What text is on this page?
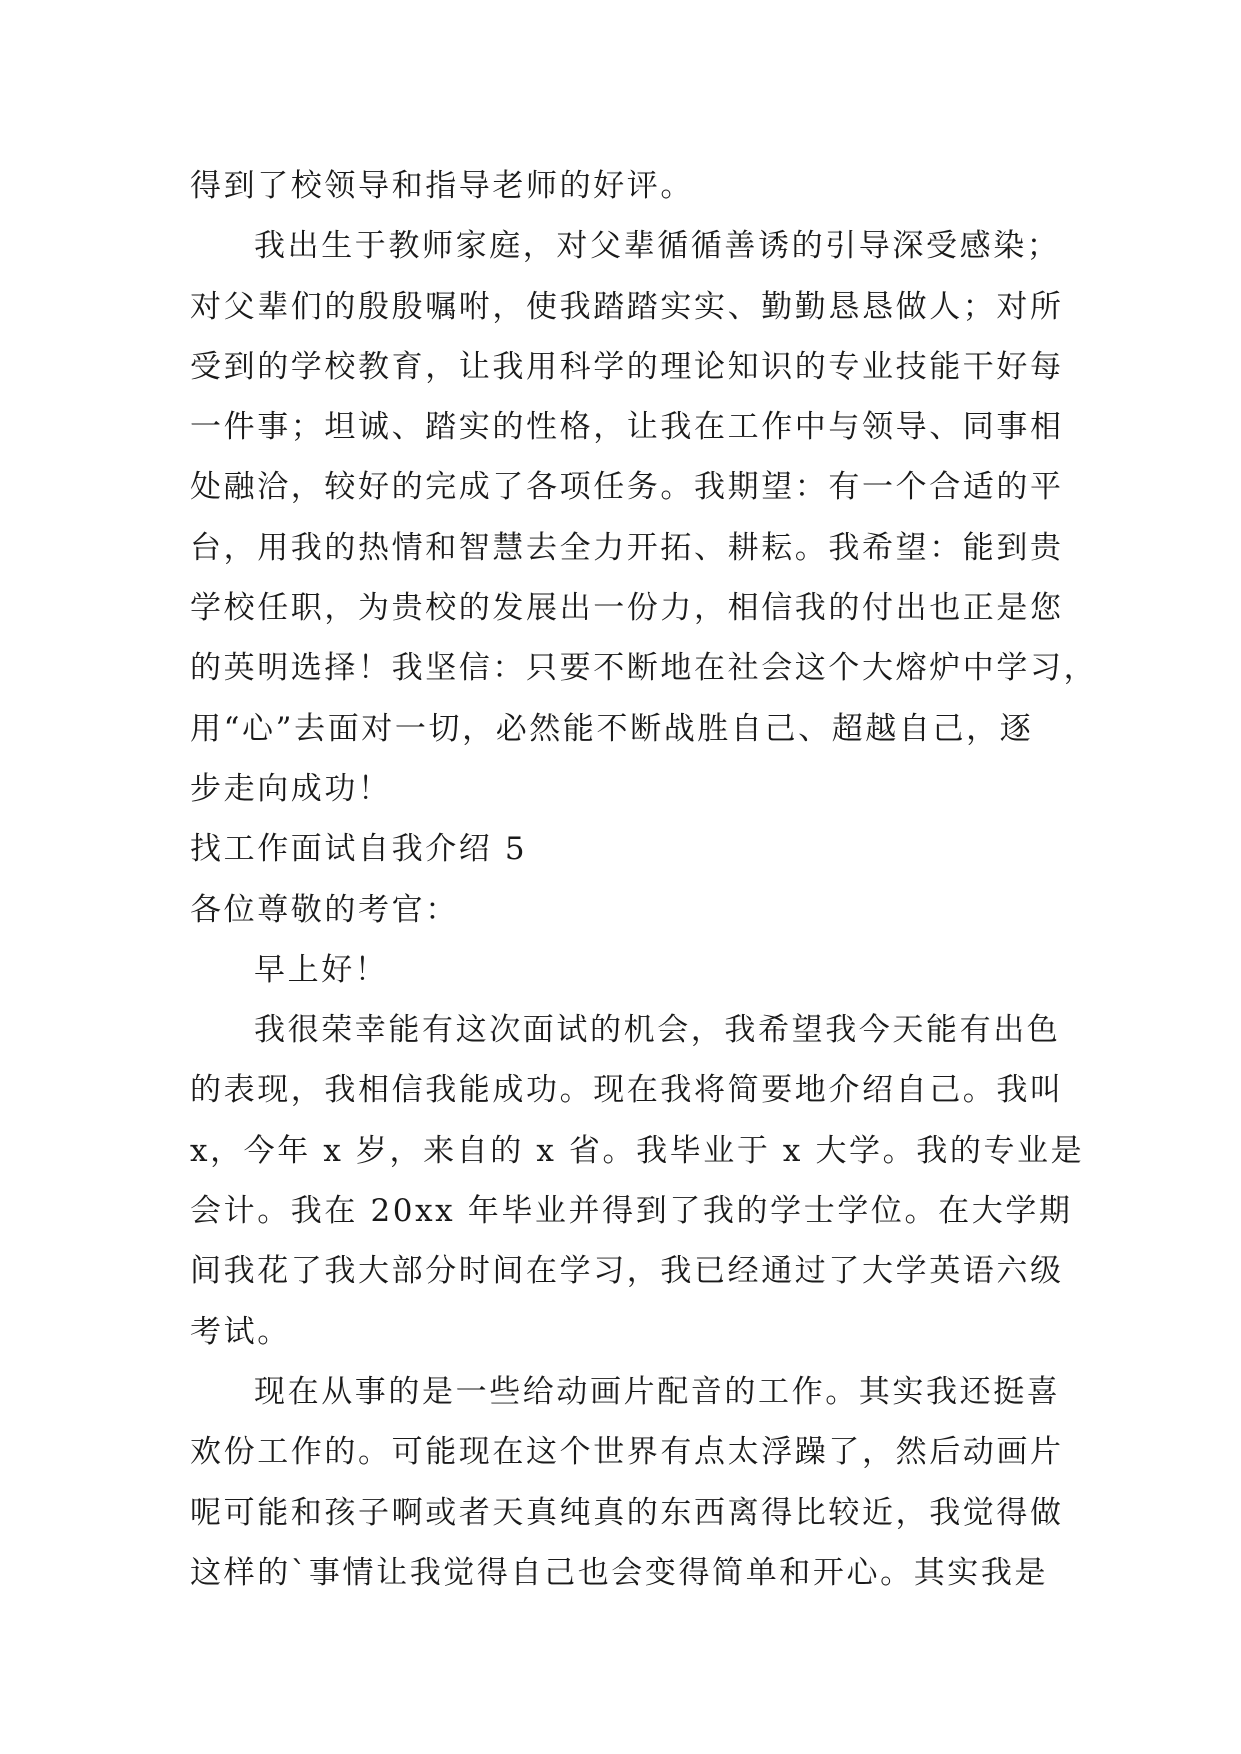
得到了校领导和指导老师的好评。
我出生于教师家庭，对父辈循循善诱的引导深受感染；
对父辈们的殷殷嘱咐，使我踏踏实实、勤勤恳恳做人；对所
受到的学校教育，让我用科学的理论知识的专业技能干好每
一件事；坦诚、踏实的性格，让我在工作中与领导、同事相
处融洽，较好的完成了各项任务。我期望：有一个合适的平
台，用我的热情和智慧去全力开拓、耕耘。我希望：能到贵
学校任职，为贵校的发展出一份力，相信我的付出也正是您
的英明选择！我坚信：只要不断地在社会这个大熔炉中学习，
用“心”去面对一切，必然能不断战胜自己、超越自己，逐
步走向成功！
找工作面试自我介绍 5
各位尊敬的考官：
早上好！
我很荣幸能有这次面试的机会，我希望我今天能有出色
的表现，我相信我能成功。现在我将简要地介绍自己。我叫
x，今年 x 岁，来自的 x 省。我毕业于 x 大学。我的专业是
会计。我在 20xx 年毕业并得到了我的学士学位。在大学期
间我花了我大部分时间在学习，我已经通过了大学英语六级
考试。
现在从事的是一些给动画片配音的工作。其实我还挺喜
欢份工作的。可能现在这个世界有点太浮躁了，然后动画片
呢可能和孩子啊或者天真纯真的东西离得比较近，我觉得做
这样的`事情让我觉得自己也会变得简单和开心。其实我是
